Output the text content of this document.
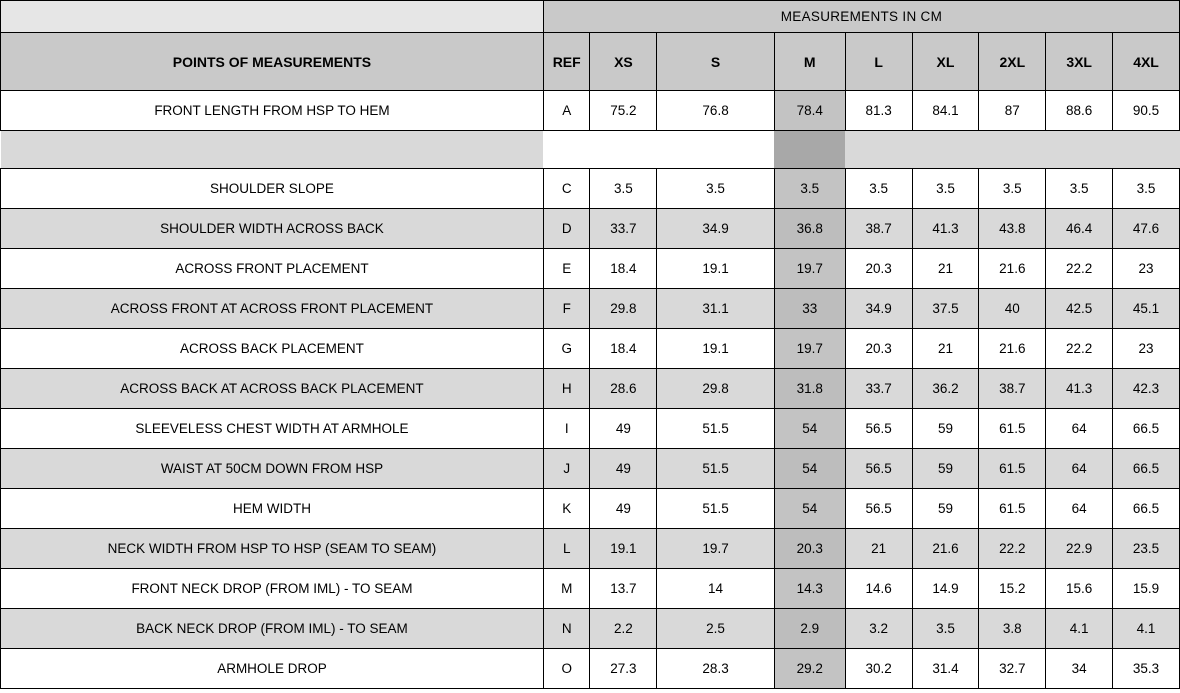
	MEASUREMENTS IN CM								
POINTS OF MEASUREMENTS	REF	XS	S	M	L	XL	2XL	3XL	4XL
FRONT LENGTH FROM HSP TO HEM	A	75.2	76.8	78.4	81.3	84.1	87	88.6	90.5

SHOULDER SLOPE	C	3.5	3.5	3.5	3.5	3.5	3.5	3.5	3.5
SHOULDER WIDTH ACROSS BACK	D	33.7	34.9	36.8	38.7	41.3	43.8	46.4	47.6
ACROSS FRONT PLACEMENT	E	18.4	19.1	19.7	20.3	21	21.6	22.2	23
ACROSS FRONT AT ACROSS FRONT PLACEMENT	F	29.8	31.1	33	34.9	37.5	40	42.5	45.1
ACROSS BACK PLACEMENT	G	18.4	19.1	19.7	20.3	21	21.6	22.2	23
ACROSS BACK AT ACROSS BACK PLACEMENT	H	28.6	29.8	31.8	33.7	36.2	38.7	41.3	42.3
SLEEVELESS CHEST WIDTH AT ARMHOLE	I	49	51.5	54	56.5	59	61.5	64	66.5
WAIST AT 50CM DOWN FROM HSP	J	49	51.5	54	56.5	59	61.5	64	66.5
HEM WIDTH	K	49	51.5	54	56.5	59	61.5	64	66.5
NECK WIDTH FROM HSP TO HSP (SEAM TO SEAM)	L	19.1	19.7	20.3	21	21.6	22.2	22.9	23.5
FRONT NECK DROP (FROM IML) - TO SEAM	M	13.7	14	14.3	14.6	14.9	15.2	15.6	15.9
BACK NECK DROP (FROM IML) - TO SEAM	N	2.2	2.5	2.9	3.2	3.5	3.8	4.1	4.1
ARMHOLE DROP	O	27.3	28.3	29.2	30.2	31.4	32.7	34	35.3
